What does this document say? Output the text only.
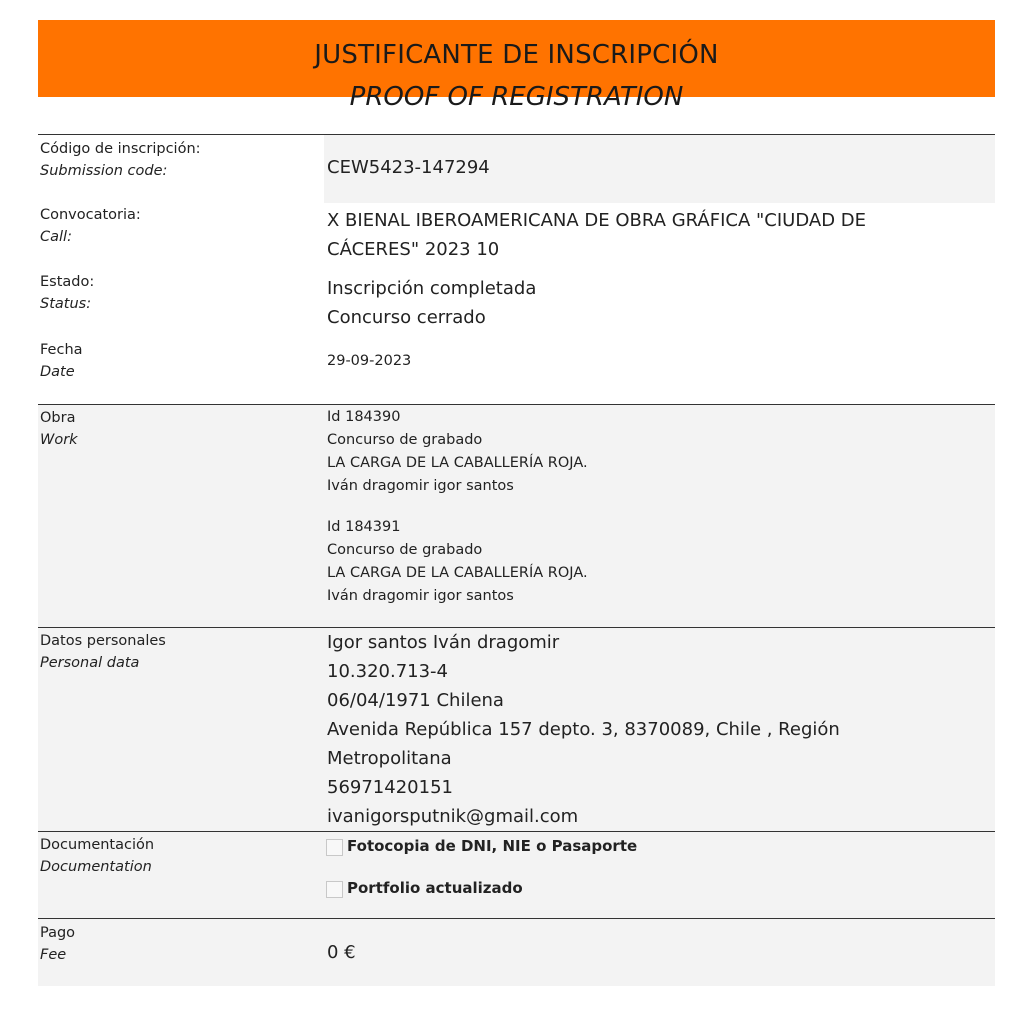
JUSTIFICANTE DE INSCRIPCIÓN
PROOF OF REGISTRATION
Código de inscripción:
Submission code:	CEW5423-147294
Convocatoria:
Call:
X BIENAL IBEROAMERICANA DE OBRA GRÁFICA "CIUDAD DE
CÁCERES" 2023 10
Estado:
Status:
Inscripción completada
Concurso cerrado
Fecha
Date
29-09-2023
Obra
Work
Id 184390
Concurso de grabado
LA CARGA DE LA CABALLERÍA ROJA.
Iván dragomir igor santos
Id 184391
Concurso de grabado
LA CARGA DE LA CABALLERÍA ROJA.
Iván dragomir igor santos
Datos personales
Personal data
Igor santos Iván dragomir
10.320.713-4
06/04/1971 Chilena
Avenida República 157 depto. 3, 8370089, Chile , Región
Metropolitana
56971420151
ivanigorsputnik@gmail.com
Documentación
Documentation
Fotocopia de DNI, NIE o Pasaporte
Portfolio actualizado
Pago
Fee	0 €
